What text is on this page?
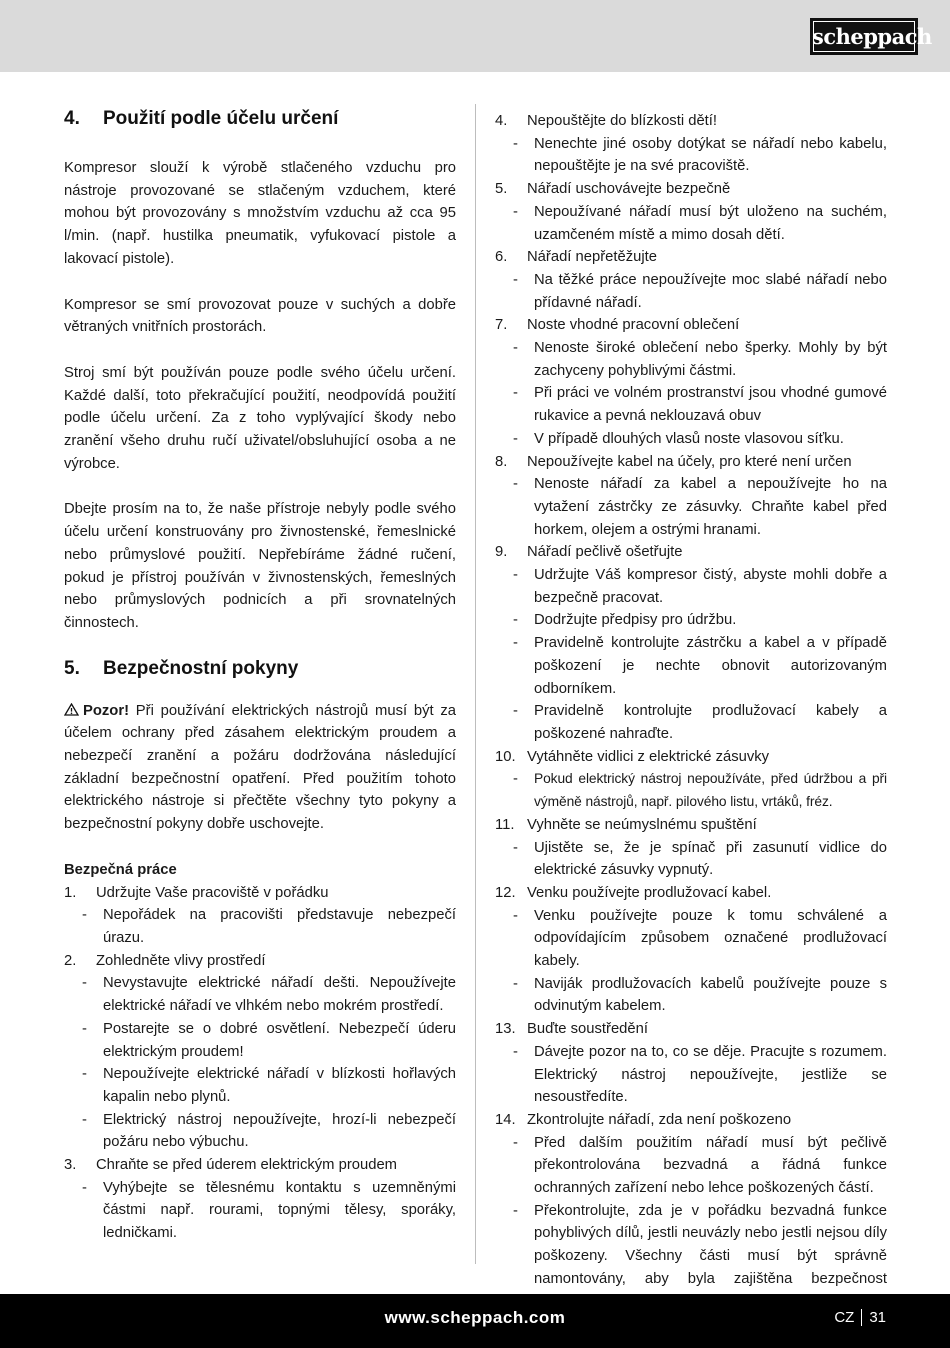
scheppach
4.	Použití podle účelu určení

Kompresor slouží k výrobě stlačeného vzduchu pro nástroje provozované se stlačeným vzduchem, které mohou být provozovány s množstvím vzduchu až cca 95 l/min. (např. hustilka pneumatik, vyfukovací pistole a lakovací pistole).

Kompresor se smí provozovat pouze v suchých a dobře větraných vnitřních prostorách.

Stroj smí být používán pouze podle svého účelu určení. Každé další, toto překračující použití, neodpovídá použití podle účelu určení. Za z toho vyplývající škody nebo zranění všeho druhu ručí uživatel/obsluhující osoba a ne výrobce.

Dbejte prosím na to, že naše přístroje nebyly podle svého účelu určení konstruovány pro živnostenské, řemeslnické nebo průmyslové použití. Nepřebíráme žádné ručení, pokud je přístroj používán v živnostenských, řemeslných nebo průmyslových podnicích a při srovnatelných činnostech.

5.	Bezpečnostní pokyny

Pozor! Při používání elektrických nástrojů musí být za účelem ochrany před zásahem elektrickým proudem a nebezpečí zranění a požáru dodržována následující základní bezpečnostní opatření. Před použitím tohoto elektrického nástroje si přečtěte všechny tyto pokyny a bezpečnostní pokyny dobře uschovejte.

Bezpečná práce
1.	Udržujte Vaše pracoviště v pořádku
-	Nepořádek na pracovišti představuje nebezpečí úrazu.
2.	Zohledněte vlivy prostředí
-	Nevystavujte elektrické nářadí dešti. Nepoužívejte elektrické nářadí ve vlhkém nebo mokrém prostředí.
-	Postarejte se o dobré osvětlení. Nebezpečí úderu elektrickým proudem!
-	Nepoužívejte elektrické nářadí v blízkosti hořlavých kapalin nebo plynů.
-	Elektrický nástroj nepoužívejte, hrozí-li nebezpečí požáru nebo výbuchu.
3.	Chraňte se před úderem elektrickým proudem
-	Vyhýbejte se tělesnému kontaktu s uzemněnými částmi např. rourami, topnými tělesy, sporáky, ledničkami.
4.	Nepouštějte do blízkosti dětí!
-	Nenechte jiné osoby dotýkat se nářadí nebo kabelu, nepouštějte je na své pracoviště.
5.	Nářadí uschovávejte bezpečně
-	Nepoužívané nářadí musí být uloženo na suchém, uzamčeném místě a mimo dosah dětí.
6.	Nářadí nepřetěžujte
-	Na těžké práce nepoužívejte moc slabé nářadí nebo přídavné nářadí.
7.	Noste vhodné pracovní oblečení
-	Nenoste široké oblečení nebo šperky. Mohly by být zachyceny pohyblivými částmi.
-	Při práci ve volném prostranství jsou vhodné gumové rukavice a pevná neklouzavá obuv
-	V případě dlouhých vlasů noste vlasovou síťku.
8.	Nepoužívejte kabel na účely, pro které není určen
-	Nenoste nářadí za kabel a nepoužívejte ho na vytažení zástrčky ze zásuvky. Chraňte kabel před horkem, olejem a ostrými hranami.
9.	Nářadí pečlivě ošetřujte
-	Udržujte Váš kompresor čistý, abyste mohli dobře a bezpečně pracovat.
-	Dodržujte předpisy pro údržbu.
-	Pravidelně kontrolujte zástrčku a kabel a v případě poškození je nechte obnovit autorizovaným odborníkem.
-	Pravidelně kontrolujte prodlužovací kabely a poškozené nahraďte.
10. Vytáhněte vidlici z elektrické zásuvky
-	Pokud elektrický nástroj nepoužíváte, před údržbou a při výměně nástrojů, např. pilového listu, vrtáků, fréz.
11. Vyhněte se neúmyslnému spuštění
-	Ujistěte se, že je spínač při zasunutí vidlice do elektrické zásuvky vypnutý.
12. Venku používejte prodlužovací kabel.
-	Venku používejte pouze k tomu schválené a odpovídajícím způsobem označené prodlužovací kabely.
-	Naviják prodlužovacích kabelů používejte pouze s odvinutým kabelem.
13. Buďte soustředění
-	Dávejte pozor na to, co se děje. Pracujte s rozumem. Elektrický nástroj nepoužívejte, jestliže se nesoustředíte.
14. Zkontrolujte nářadí, zda není poškozeno
-	Před dalším použitím nářadí musí být pečlivě překontrolována bezvadná a řádná funkce ochranných zařízení nebo lehce poškozených částí.
-	Překontrolujte, zda je v pořádku bezvadná funkce pohyblivých dílů, jestli neuvázly nebo jestli nejsou díly poškozeny. Všechny části musí být správně namontovány, aby byla zajištěna bezpečnost
www.scheppach.com	CZ 31
